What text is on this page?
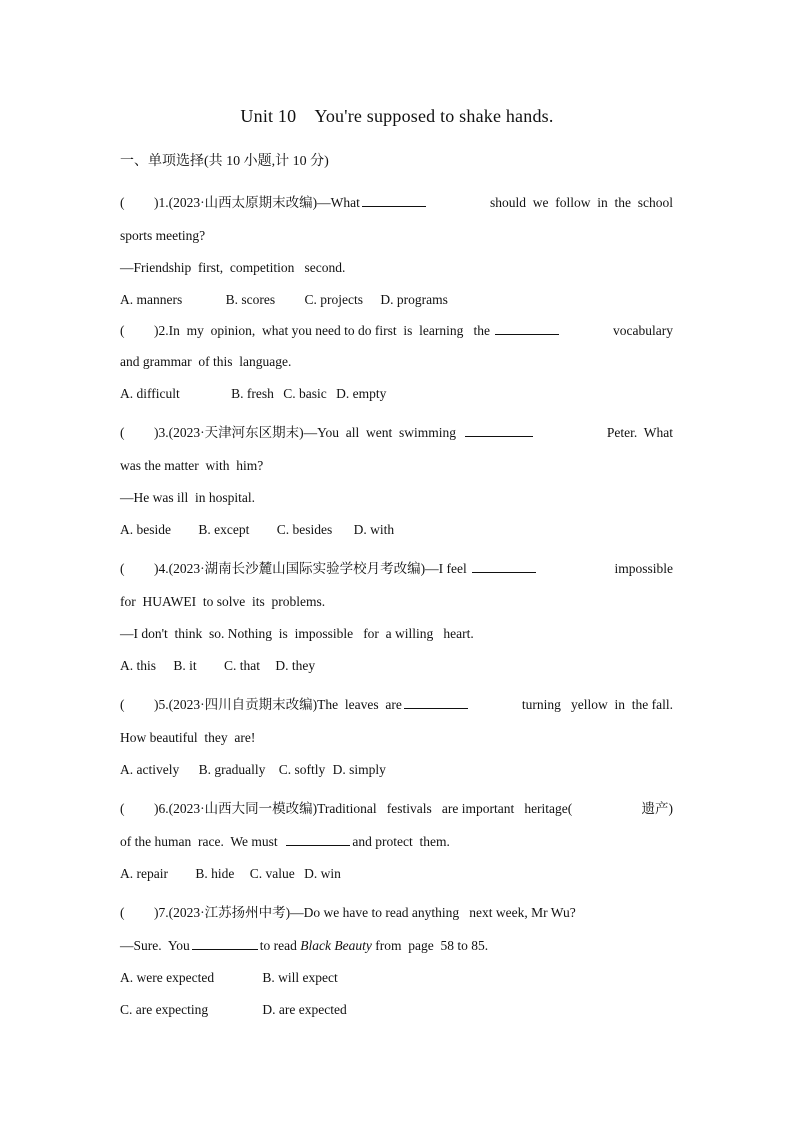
Unit 10    You're supposed to shake hands.
一、单项选择(共 10 小题,计 10 分)
( )1.(2023·山西太原期末改编)—What	should  we  follow  in  the  school
sports meeting?
—Friendship  first,  competition   second.
A. manners	B. scores C. projects D. programs
( )2.In  my  opinion,  what you need to do first  is  learning   the	vocabulary
and grammar  of this  language.
A. difficult	B. fresh C. basic D. empty
( )3.(2023·天津河东区期末)—You  all  went  swimming	Peter.  What
was the matter  with  him?
—He was ill  in hospital.
A. beside B. except C. besides D. with
( )4.(2023·湖南长沙麓山国际实验学校月考改编)—I feel	impossible
for  HUAWEI  to solve  its  problems.
—I don't  think  so. Nothing  is  impossible   for  a willing   heart.
A. this B. it C. that D. they
( )5.(2023·四川自贡期末改编)The  leaves  are	turning   yellow  in  the fall.
How beautiful  they  are!
A. actively B. gradually C. softly D. simply
( )6.(2023·山西大同一模改编)Traditional   festivals   are important   heritage(	遗产)
of the human  race.  We must	and protect  them.
A. repair B. hide C. value D. win
( )7.(2023·江苏扬州中考)—Do we have to read anything   next week, Mr Wu?
—Sure.  You	to read Black Beauty from  page  58 to 85.
A. were expected	B. will expect
C. are expecting	D. are expected
